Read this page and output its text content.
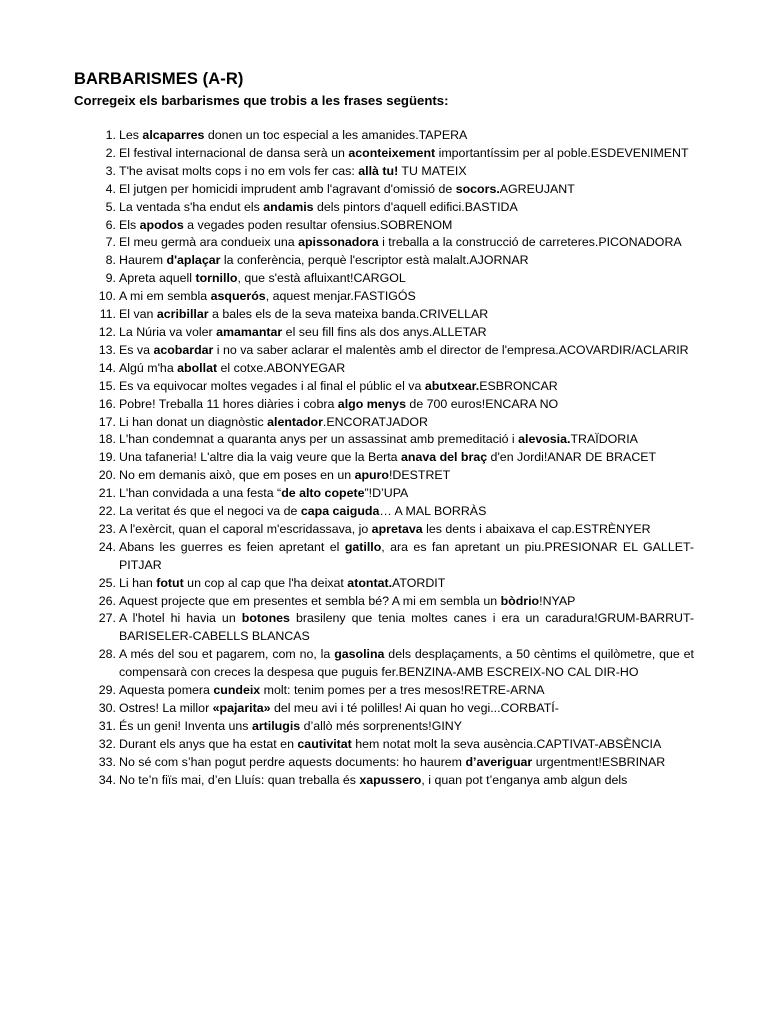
BARBARISMES (A-R)
Corregeix els barbarismes que trobis a les frases següents:
1. Les alcaparres donen un toc especial a les amanides.TAPERA
2. El festival internacional de dansa serà un aconteixement importantíssim per al poble.ESDEVENIMENT
3. T'he avisat molts cops i no em vols fer cas: allà tu! TU MATEIX
4. El jutgen per homicidi imprudent amb l'agravant d'omissió de socors.AGREUJANT
5. La ventada s'ha endut els andamis dels pintors d'aquell edifici.BASTIDA
6. Els apodos a vegades poden resultar ofensius.SOBRENOM
7. El meu germà ara condueix una apissonadora i treballa a la construcció de carreteres.PICONADORA
8. Haurem d'aplaçar la conferència, perquè l'escriptor està malalt.AJORNAR
9. Apreta aquell tornillo, que s'està afluixant!CARGOL
10. A mi em sembla asquerós, aquest menjar.FASTIGÓS
11. El van acribillar a bales els de la seva mateixa banda.CRIVELLAR
12. La Núria va voler amamantar el seu fill fins als dos anys.ALLETAR
13. Es va acobardar i no va saber aclarar el malentès amb el director de l'empresa.ACOVARDIR/ACLARIR
14. Algú m'ha abollat el cotxe.ABONYEGAR
15. Es va equivocar moltes vegades i al final el públic el va abutxear.ESBRONCAR
16. Pobre! Treballa 11 hores diàries i cobra algo menys de 700 euros!ENCARA NO
17. Li han donat un diagnòstic alentador.ENCORATJADOR
18. L'han condemnat a quaranta anys per un assassinat amb premeditació i alevosia.TRAÏDORIA
19. Una tafaneria! L'altre dia la vaig veure que la Berta anava del braç d'en Jordi!ANAR DE BRACET
20. No em demanis això, que em poses en un apuro!DESTRET
21. L'han convidada a una festa “de alto copete”!D’UPA
22. La veritat és que el negoci va de capa caiguda… A MAL BORRÀS
23. A l'exèrcit, quan el caporal m'escridassava, jo apretava les dents i abaixava el cap.ESTRÈNYER
24. Abans les guerres es feien apretant el gatillo, ara es fan apretant un piu.PRESIONAR EL GALLET-PITJAR
25. Li han fotut un cop al cap que l'ha deixat atontat.ATORDIT
26. Aquest projecte que em presentes et sembla bé? A mi em sembla un bòdrio!NYAP
27. A l'hotel hi havia un botones brasileny que tenia moltes canes i era un caradura!GRUM-BARRUT-BARISELER-CABELLS BLANCAS
28. A més del sou et pagarem, com no, la gasolina dels desplaçaments, a 50 cèntims el quilòmetre, que et compensarà con creces la despesa que puguis fer.BENZINA-AMB ESCREIX-NO CAL DIR-HO
29. Aquesta pomera cundeix molt: tenim pomes per a tres mesos!RETRE-ARNA
30. Ostres! La millor «pajarita» del meu avi i té polilles! Ai quan ho vegi...CORBATÍ-
31. És un geni! Inventa uns artilugis d’allò més sorprenents!GINY
32. Durant els anys que ha estat en cautivitat hem notat molt la seva ausència.CAPTIVAT-ABSÈNCIA
33. No sé com s’han pogut perdre aquests documents: ho haurem d’averiguar urgentment!ESBRINAR
34. No te’n fiïs mai, d’en Lluís: quan treballa és xapussero, i quan pot t’enganya amb algun dels
